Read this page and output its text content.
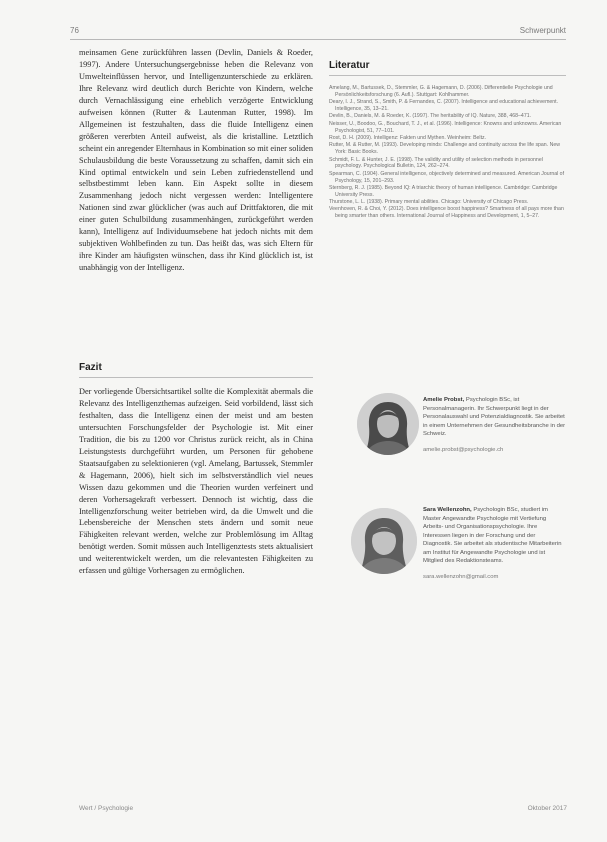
76	Schwerpunkt
meinsamen Gene zurückführen lassen (Devlin, Daniels & Roeder, 1997). Andere Untersuchungsergebnisse heben die Relevanz von Umwelteinflüssen hervor, und Intelligenzunterschiede zu erklären. Ihre Relevanz wird deutlich durch Berichte von Kindern, welche durch Vernachlässigung eine erheblich verzögerte Entwicklung aufweisen können (Rutter & Lautenman Rutter, 1998). Im Allgemeinen ist festzuhalten, dass die fluide Intelligenz einen größeren vererbten Anteil aufweist, als die kristalline. Letztlich scheint ein anregender Elternhaus in Kombination so mit einer soliden Schulausbildung die beste Voraussetzung zu schaffen, damit sich ein Kind optimal entwickeln und sein Leben zufriedenstellend und selbstbestimmt leben kann. Ein Aspekt sollte in diesem Zusammenhang jedoch nicht vergessen werden: Intelligentere Nationen sind zwar glücklicher (was auch auf Drittfaktoren, die mit einer guten Schulbildung zusammenhängen, zurückgeführt werden kann), Intelligenz auf Individuumsebene hat jedoch nichts mit dem subjektiven Wohlbefinden zu tun. Das heißt das, was sich Eltern für ihre Kinder am häufigsten wünschen, dass ihr Kind glücklich ist, ist unabhängig von der Intelligenz.
Fazit
Der vorliegende Übersichtsartikel sollte die Komplexität abermals die Relevanz des Intelligenzthemas aufzeigen. Seid vorbildend, lässt sich festhalten, dass die Intelligenz einen der meist und am besten untersuchten Forschungsfelder der Psychologie ist. Mit einer Tradition, die bis zu 1200 vor Christus zurück reicht, als in China Leistungstests durchgeführt wurden, um Personen für gehobene Staatsaufgaben zu selektionieren (vgl. Amelang, Bartussek, Stemmler & Hagemann, 2006), hielt sich im selbstverständlich viel neues Wissen dazu gekommen und die Theorien wurden verfeinert und deren Vorhersagekraft verbessert. Dennoch ist wichtig, dass die Intelligenzforschung weiter betrieben wird, da die Umwelt und die Lebensbereiche der Menschen stets ändern und somit neue Fähigkeiten relevant werden, welche zur Problemlösung im Alltag benötigt werden. Somit müssen auch Intelligenztests stets aktualisiert und weiterentwickelt werden, um die relevantesten Fähigkeiten zu erfassen und gültige Vorhersagen zu ermöglichen.
Literatur

Amelang, M., Bartussek, D., Stemmler, G. & Hagemann, D. (2006). Differentielle Psychologie und Persönlichkeitsforschung (6. Aufl.). Stuttgart: Kohlhammer.

Deary, I. J., Strand, S., Smith, P. & Fernandes, C. (2007). Intelligence and educational achievement. Intelligence, 35, 13–21.

Devlin, B., Daniels, M. & Roeder, K. (1997). The heritability of IQ. Nature, 388, 468–471.

Neisser, U., Boodoo, G., Bouchard, T. J., et al. (1996). Intelligence: Knowns and unknowns. American Psychologist, 51, 77–101.

Rost, D. H. (2009). Intelligenz: Fakten und Mythen. Weinheim: Beltz.

Rutter, M. & Rutter, M. (1993). Developing minds: Challenge and continuity across the life span. New York: Basic Books.

Schmidt, F. L. & Hunter, J. E. (1998). The validity and utility of selection methods in personnel psychology. Psychological Bulletin, 124, 262–274.

Spearman, C. (1904). General intelligence, objectively determined and measured. American Journal of Psychology, 15, 201–293.

Sternberg, R. J. (1985). Beyond IQ: A triarchic theory of human intelligence. Cambridge: Cambridge University Press.

Thurstone, L. L. (1938). Primary mental abilities. Chicago: University of Chicago Press.

Veenhoven, R. & Choi, Y. (2012). Does intelligence boost happiness? Smartness of all pays more than being smarter than others. International Journal of Happiness and Development, 1, 5–27.

Amelie Probst, Psychologin BSc, ist Personalmanagerin. Ihr Schwerpunkt liegt in der Personalauswahl und Potenzialdiagnostik. Sie arbeitet in einem Unternehmen der Gesundheitsbranche in der Schweiz.
amelie.probst@psychologie.ch
Sara Wellenzohn, Psychologin BSc, studiert im Master Angewandte Psychologie mit Vertiefung Arbeits- und Organisationspsychologie. Ihre Interessen liegen in der Forschung und der Diagnostik. Sie arbeitet als studentische Mitarbeiterin am Institut für Angewandte Psychologie und ist Mitglied des Redaktionsteams.
sara.wellenzohn@gmail.com
Wert / Psychologie	Oktober 2017
